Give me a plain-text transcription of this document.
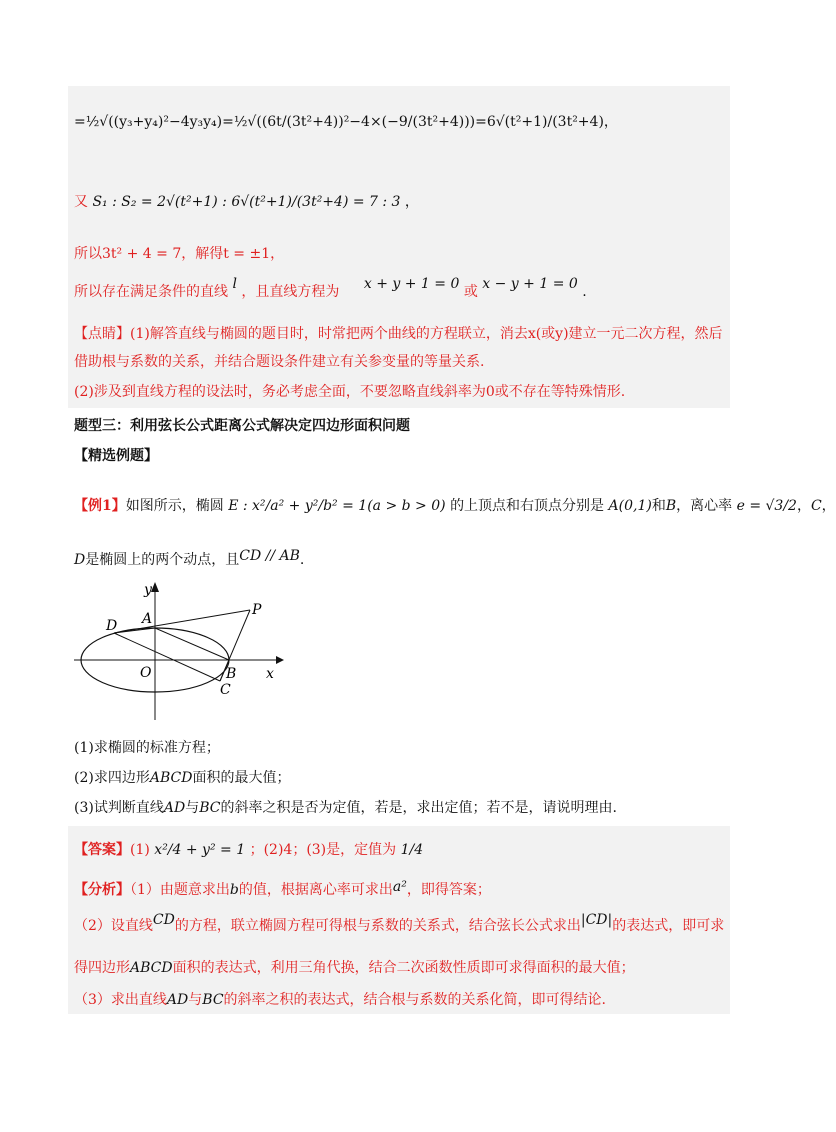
=½√((y₃+y₄)²−4y₃y₄)=½√((6t/(3t²+4))²−4×(−9/(3t²+4)))=6√(t²+1)/(3t²+4)，
又 S₁ : S₂ = 2√(t²+1) : 6√(t²+1)/(3t²+4) = 7 : 3 ，
所以3t² + 4 = 7，解得t = ±1，
所以存在满足条件的直线 l ，且直线方程为 x + y + 1 = 0 或 x − y + 1 = 0 .
【点睛】(1)解答直线与椭圆的题目时，时常把两个曲线的方程联立，消去x(或y)建立一元二次方程，然后
借助根与系数的关系，并结合题设条件建立有关参变量的等量关系.
(2)涉及到直线方程的设法时，务必考虑全面，不要忽略直线斜率为0或不存在等特殊情形.
题型三：利用弦长公式距离公式解决定四边形面积问题
【精选例题】
【例1】如图所示，椭圆 E : x²/a² + y²/b² = 1(a > b > 0) 的上顶点和右顶点分别是 A(0,1)和B，离心率 e = √3/2，C，
D是椭圆上的两个动点，且CD // AB.
y
x
O
A
B
C
D
P
(1)求椭圆的标准方程；
(2)求四边形ABCD面积的最大值；
(3)试判断直线AD与BC的斜率之积是否为定值，若是，求出定值；若不是，请说明理由.
【答案】(1) x²/4 + y² = 1 ；(2)4；(3)是，定值为 1/4
【分析】（1）由题意求出b的值，根据离心率可求出a²，即得答案；
（2）设直线CD的方程，联立椭圆方程可得根与系数的关系式，结合弦长公式求出|CD|的表达式，即可求
得四边形ABCD面积的表达式，利用三角代换，结合二次函数性质即可求得面积的最大值；
（3）求出直线AD与BC的斜率之积的表达式，结合根与系数的关系化简，即可得结论.
